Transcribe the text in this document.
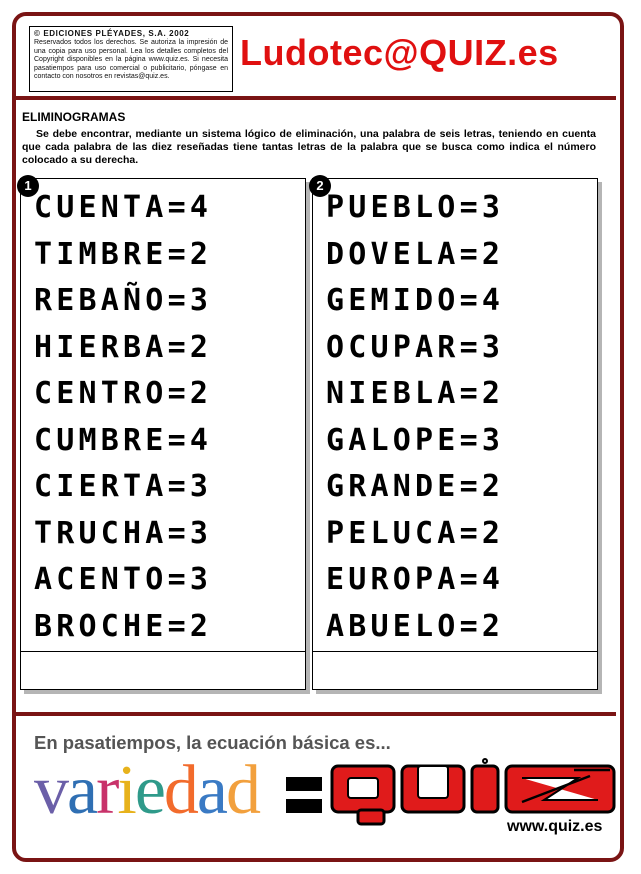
© EDICIONES PLÉYADES, S.A. 2002
Reservados todos los derechos. Se autoriza la impresión de una copia para uso personal. Lea los detalles completos del Copyright disponibles en la página www.quiz.es. Si necesita pasatiempos para uso comercial o publicitario, póngase en contacto con nosotros en revistas@quiz.es.
Ludotec@QUIZ.es
ELIMINOGRAMAS
Se debe encontrar, mediante un sistema lógico de eliminación, una palabra de seis letras, teniendo en cuenta que cada palabra de las diez reseñadas tiene tantas letras de la palabra que se busca como indica el número colocado a su derecha.
1	2
CUENTA=4
TIMBRE=2
REBAÑO=3
HIERBA=2
CENTRO=2
CUMBRE=4
CIERTA=3
TRUCHA=3
ACENTO=3
BROCHE=2
PUEBLO=3
DOVELA=2
GEMIDO=4
OCUPAR=3
NIEBLA=2
GALOPE=3
GRANDE=2
PELUCA=2
EUROPA=4
ABUELO=2
En pasatiempos, la ecuación básica es...
variedad	www.quiz.es
